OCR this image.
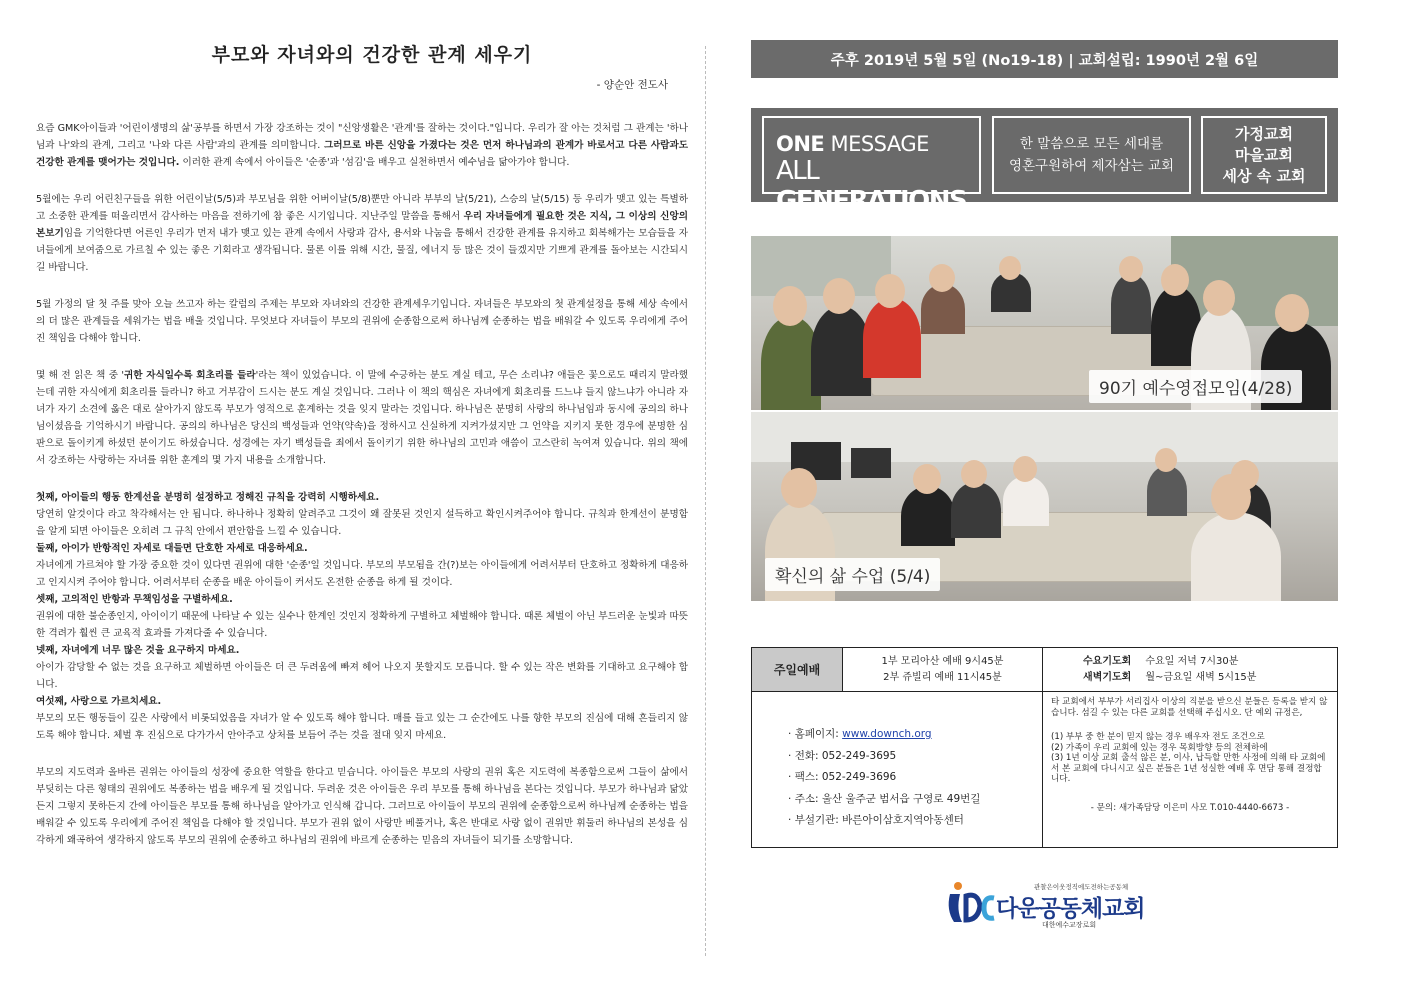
부모와 자녀와의 건강한 관계 세우기
- 양순안 전도사

요즘 GMK아이들과 '어린이생명의 삶'공부를 하면서 가장 강조하는 것이 "신앙생활은 '관계'를 잘하는 것이다."입니다. 우리가 잘 아는 것처럼 그 관계는 '하나님과 나'와의 관계, 그리고 '나와 다른 사람'과의 관계를 의미합니다. 그러므로 바른 신앙을 가졌다는 것은 먼저 하나님과의 관계가 바로서고 다른 사람과도 건강한 관계를 맺어가는 것입니다. 이러한 관계 속에서 아이들은 '순종'과 '섬김'을 배우고 실천하면서 예수님을 닮아가야 합니다.

5월에는 우리 어린친구들을 위한 어린이날(5/5)과 부모님을 위한 어버이날(5/8)뿐만 아니라 부부의 날(5/21), 스승의 날(5/15) 등 우리가 맺고 있는 특별하고 소중한 관계를 떠올리면서 감사하는 마음을 전하기에 참 좋은 시기입니다. 지난주일 말씀을 통해서 우리 자녀들에게 필요한 것은 지식, 그 이상의 신앙의 본보기임을 기억한다면 어른인 우리가 먼저 내가 맺고 있는 관계 속에서 사랑과 감사, 용서와 나눔을 통해서 건강한 관계를 유지하고 회복해가는 모습들을 자녀들에게 보여줌으로 가르칠 수 있는 좋은 기회라고 생각됩니다. 물론 이를 위해 시간, 물질, 에너지 등 많은 것이 들겠지만 기쁘게 관계를 돌아보는 시간되시길 바랍니다.

5월 가정의 달 첫 주를 맞아 오늘 쓰고자 하는 칼럼의 주제는 부모와 자녀와의 건강한 관계세우기입니다. 자녀들은 부모와의 첫 관계설정을 통해 세상 속에서의 더 많은 관계들을 세워가는 법을 배울 것입니다. 무엇보다 자녀들이 부모의 권위에 순종함으로써 하나님께 순종하는 법을 배워갈 수 있도록 우리에게 주어진 책임을 다해야 합니다.

몇 해 전 읽은 책 중 '귀한 자식일수록 회초리를 들라'라는 책이 있었습니다. 이 말에 수긍하는 분도 계실 테고, 무슨 소리냐? 애들은 꽃으로도 때리지 말라했는데 귀한 자식에게 회초리를 들라니? 하고 거부감이 드시는 분도 계실 것입니다. 그러나 이 책의 핵심은 자녀에게 회초리를 드느냐 들지 않느냐가 아니라 자녀가 자기 소견에 옳은 대로 살아가지 않도록 부모가 영적으로 훈계하는 것을 잊지 말라는 것입니다. 하나님은 분명히 사랑의 하나님임과 동시에 공의의 하나님이셨음을 기억하시기 바랍니다. 공의의 하나님은 당신의 백성들과 언약(약속)을 정하시고 신실하게 지켜가셨지만 그 언약을 지키지 못한 경우에 분명한 심판으로 돌이키게 하셨던 분이기도 하셨습니다. 성경에는 자기 백성들을 죄에서 돌이키기 위한 하나님의 고민과 애씀이 고스란히 녹여져 있습니다. 위의 책에서 강조하는 사랑하는 자녀를 위한 훈계의 몇 가지 내용을 소개합니다.

첫째, 아이들의 행동 한계선을 분명히 설정하고 정해진 규칙을 강력히 시행하세요.
당연히 알것이다 라고 착각해서는 안 됩니다. 하나하나 정확히 알려주고 그것이 왜 잘못된 것인지 설득하고 확인시켜주어야 합니다. 규칙과 한계선이 분명함을 알게 되면 아이들은 오히려 그 규칙 안에서 편안함을 느낄 수 있습니다.
둘째, 아이가 반항적인 자세로 대들면 단호한 자세로 대응하세요.
자녀에게 가르쳐야 할 가장 중요한 것이 있다면 권위에 대한 '순종'일 것입니다. 부모의 부모됨을 간(?)보는 아이들에게 어려서부터 단호하고 정확하게 대응하고 인지시켜 주어야 합니다. 어려서부터 순종을 배운 아이들이 커서도 온전한 순종을 하게 될 것이다.
셋째, 고의적인 반항과 무책임성을 구별하세요.
권위에 대한 불순종인지, 아이이기 때문에 나타날 수 있는 실수나 한계인 것인지 정확하게 구별하고 체벌해야 합니다. 때론 체벌이 아닌 부드러운 눈빛과 따뜻한 격려가 훨씬 큰 교육적 효과를 가져다줄 수 있습니다.
넷째, 자녀에게 너무 많은 것을 요구하지 마세요.
아이가 감당할 수 없는 것을 요구하고 체벌하면 아이들은 더 큰 두려움에 빠져 헤어 나오지 못할지도 모릅니다. 할 수 있는 작은 변화를 기대하고 요구해야 합니다.
여섯째, 사랑으로 가르치세요.
부모의 모든 행동들이 깊은 사랑에서 비롯되었음을 자녀가 알 수 있도록 해야 합니다. 매를 들고 있는 그 순간에도 나를 향한 부모의 진심에 대해 흔들리지 않도록 해야 합니다. 체벌 후 진심으로 다가가서 안아주고 상처를 보듬어 주는 것을 절대 잊지 마세요.

부모의 지도력과 올바른 권위는 아이들의 성장에 중요한 역할을 한다고 믿습니다. 아이들은 부모의 사랑의 권위 혹은 지도력에 복종함으로써 그들이 삶에서 부딪히는 다른 형태의 권위에도 복종하는 법을 배우게 될 것입니다. 두려운 것은 아이들은 우리 부모를 통해 하나님을 본다는 것입니다. 부모가 하나님과 닮았든지 그렇지 못하든지 간에 아이들은 부모를 통해 하나님을 알아가고 인식해 갑니다. 그러므로 아이들이 부모의 권위에 순종함으로써 하나님께 순종하는 법을 배워갈 수 있도록 우리에게 주어진 책임을 다해야 할 것입니다. 부모가 권위 없이 사랑만 베풀거나, 혹은 반대로 사랑 없이 권위만 휘둘러 하나님의 본성을 심각하게 왜곡하여 생각하지 않도록 부모의 권위에 순종하고 하나님의 권위에 바르게 순종하는 믿음의 자녀들이 되기를 소망합니다.

주후 2019년 5월 5일 (No19-18) | 교회설립: 1990년 2월 6일
ONE MESSAGE
ALL GENERATIONS
한 말씀으로 모든 세대를
영혼구원하여 제자삼는 교회
가정교회
마을교회
세상 속 교회
90기 예수영접모임(4/28)
확신의 삶 수업 (5/4)
주일예배
1부 모리아산 예배 9시45분
2부 쥬빌리 예배 11시45분
수요기도회 수요일 저녁 7시30분
새벽기도회 월~금요일 새벽 5시15분
· 홈페이지: www.downch.org
· 전화: 052-249-3695
· 팩스: 052-249-3696
· 주소: 울산 울주군 범서읍 구영로 49번길
· 부설기관: 바른아이삼호지역아동센터
타 교회에서 부부가 서리집사 이상의 직분을 받으신 분들은 등록을 받지 않습니다. 섬길 수 있는 다른 교회를 선택해 주십시오. 단 예외 규정은,
(1) 부부 중 한 분이 믿지 않는 경우 배우자 전도 조건으로
(2) 가족이 우리 교회에 있는 경우 목회방향 등의 전체하에
(3) 1년 이상 교회 출석 않은 분, 이사, 납득할 만한 사정에 의해 타 교회에서 본 교회에 다니시고 싶은 분들은 1년 성실한 예배 후 면담 통해 결정합니다.
- 문의: 새가족담당 이은미 사모 T.010-4440-6673 -
관찰은이웃정직에도전하는공동체
다운공동체교회
대한예수교장로회
